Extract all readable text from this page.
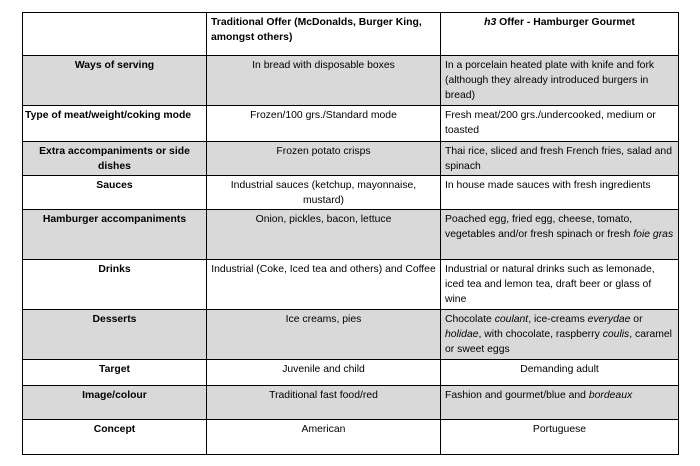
	Traditional Offer (McDonalds, Burger King, amongst others)	h3 Offer - Hamburger Gourmet
Ways of serving	In bread with disposable boxes	In a porcelain heated plate with knife and fork (although they already introduced burgers in bread)
Type of meat/weight/coking mode	Frozen/100 grs./Standard mode	Fresh meat/200 grs./undercooked, medium or toasted
Extra accompaniments or side dishes	Frozen potato crisps	Thai rice, sliced and fresh French fries, salad and spinach
Sauces	Industrial sauces (ketchup, mayonnaise, mustard)	In house made sauces with fresh ingredients
Hamburger accompaniments	Onion, pickles, bacon, lettuce	Poached egg, fried egg, cheese, tomato, vegetables and/or fresh spinach or fresh foie gras
Drinks	Industrial (Coke, Iced tea and others) and Coffee	Industrial or natural drinks such as lemonade, iced tea and lemon tea, draft beer or glass of wine
Desserts	Ice creams, pies	Chocolate coulant, ice-creams everydae or holidae, with chocolate, raspberry coulis, caramel or sweet eggs
Target	Juvenile and child	Demanding adult
Image/colour	Traditional fast food/red	Fashion and gourmet/blue and bordeaux
Concept	American	Portuguese
